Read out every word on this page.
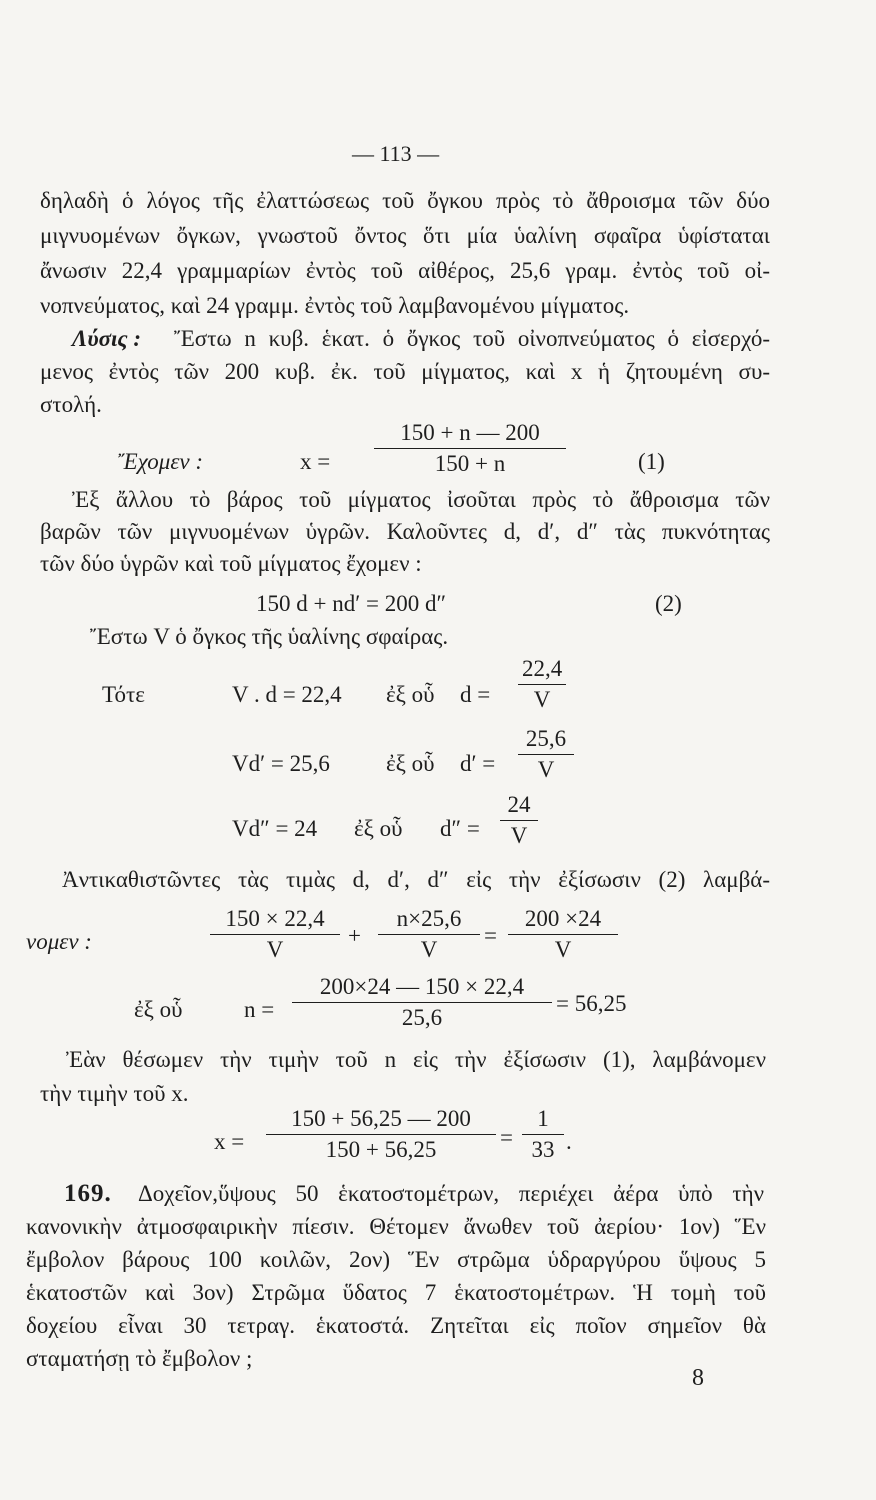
— 113 —
δηλαδὴ ὁ λόγος τῆς ἐλαττώσεως τοῦ ὄγκου πρὸς τὸ ἄθροισμα τῶν δύο
μιγνυομένων ὄγκων, γνωστοῦ ὄντος ὅτι μία ὑαλίνη σφαῖρα ὑφίσταται
ἄνωσιν 22,4 γραμμαρίων ἐντὸς τοῦ αἰθέρος, 25,6 γραμ. ἐντὸς τοῦ οἰ-
νοπνεύματος, καὶ 24 γραμμ. ἐντὸς τοῦ λαμβανομένου μίγματος.
Λύσις : Ἔστω n κυβ. ἑκατ. ὁ ὄγκος τοῦ οἰνοπνεύματος ὁ εἰσερχό-
μενος ἐντὸς τῶν 200 κυβ. ἐκ. τοῦ μίγματος, καὶ x ἡ ζητουμένη συ-
στολή.
Ἔχομεν :	x =
150 + n — 200
150 + n	(1)
Ἐξ ἄλλου τὸ βάρος τοῦ μίγματος ἰσοῦται πρὸς τὸ ἄθροισμα τῶν
βαρῶν τῶν μιγνυομένων ὑγρῶν. Καλοῦντες d, d′, d″ τὰς πυκνότητας
τῶν δύο ὑγρῶν καὶ τοῦ μίγματος ἔχομεν :
150 d + nd′ = 200 d″	(2)
Ἔστω V ὁ ὄγκος τῆς ὑαλίνης σφαίρας.
Τότε	V . d = 22,4 ἐξ οὗ d =
22,4
V
Vd′ = 25,6 ἐξ οὗ d′ =
25,6
V
Vd″ = 24 ἐξ οὗ d″ =
24
V
Ἀντικαθιστῶντες τὰς τιμὰς d, d′, d″ εἰς τὴν ἐξίσωσιν (2) λαμβά-
νομεν :
150 × 22,4
V
+
n×25,6
V
=
200 ×24
V
ἐξ οὗ	n =
200×24 — 150 × 22,4
25,6
= 56,25
Ἐὰν θέσωμεν τὴν τιμὴν τοῦ n εἰς τὴν ἐξίσωσιν (1), λαμβάνομεν
τὴν τιμὴν τοῦ x.
x =
150 + 56,25 — 200
150 + 56,25	=
1
33 .
169. Δοχεῖον,ὕψους 50 ἑκατοστομέτρων, περιέχει ἀέρα ὑπὸ τὴν
κανονικὴν ἀτμοσφαιρικὴν πίεσιν. Θέτομεν ἄνωθεν τοῦ ἀερίου· 1ον) Ἕν
ἔμβολον βάρους 100 κοιλῶν, 2ον) Ἕν στρῶμα ὑδραργύρου ὕψους 5
ἑκατοστῶν καὶ 3ον) Στρῶμα ὕδατος 7 ἑκατοστομέτρων. Ἡ τομὴ τοῦ
δοχείου εἶναι 30 τετραγ. ἑκατοστά. Ζητεῖται εἰς ποῖον σημεῖον θὰ
σταματήσῃ τὸ ἔμβολον ;
8
